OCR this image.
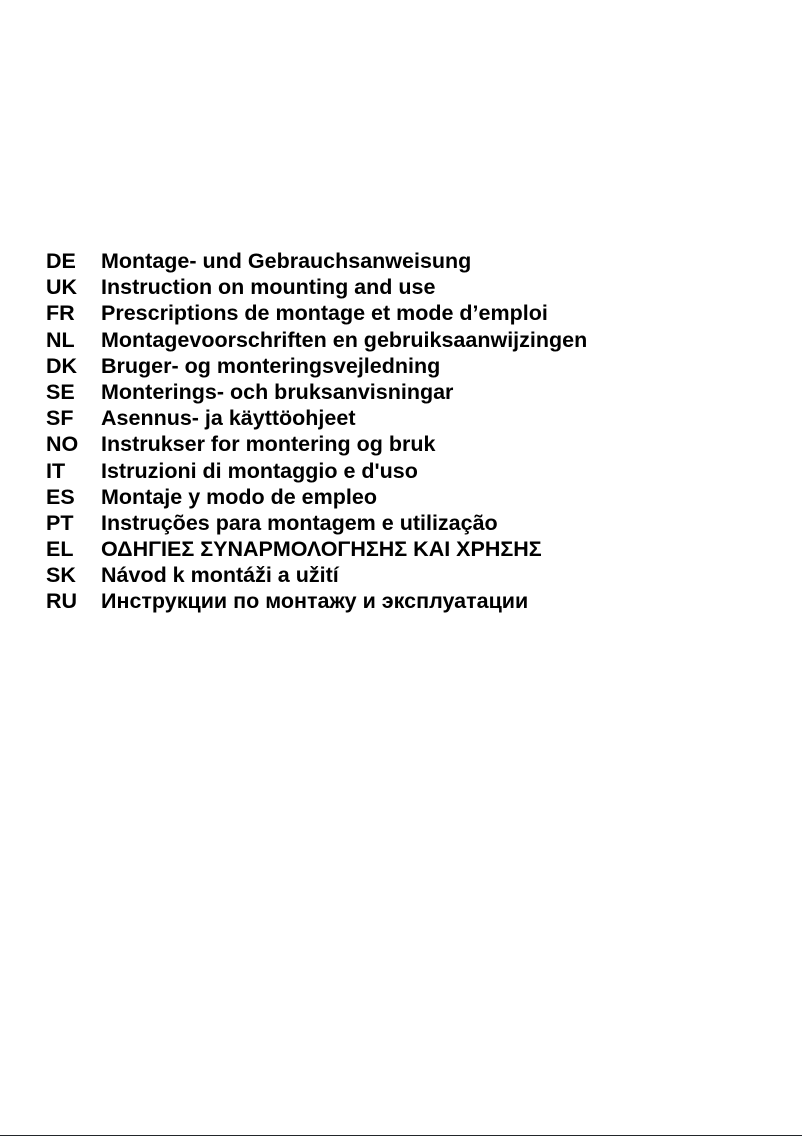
DE	Montage- und Gebrauchsanweisung
UK	Instruction on mounting and use
FR	Prescriptions de montage et mode d’emploi
NL	Montagevoorschriften en gebruiksaanwijzingen
DK	Bruger- og monteringsvejledning
SE	Monterings- och bruksanvisningar
SF	Asennus- ja käyttöohjeet
NO	Instrukser for montering og bruk
IT	Istruzioni di montaggio e d'uso
ES	Montaje y modo de empleo
PT	Instruções para montagem e utilização
EL	ΟΔΗΓΙΕΣ ΣΥΝΑΡΜΟΛΟΓΗΣΗΣ ΚΑΙ ΧΡΗΣΗΣ
SK	Návod k montáži a užití
RU	Инструкции по монтажу и эксплуатации
